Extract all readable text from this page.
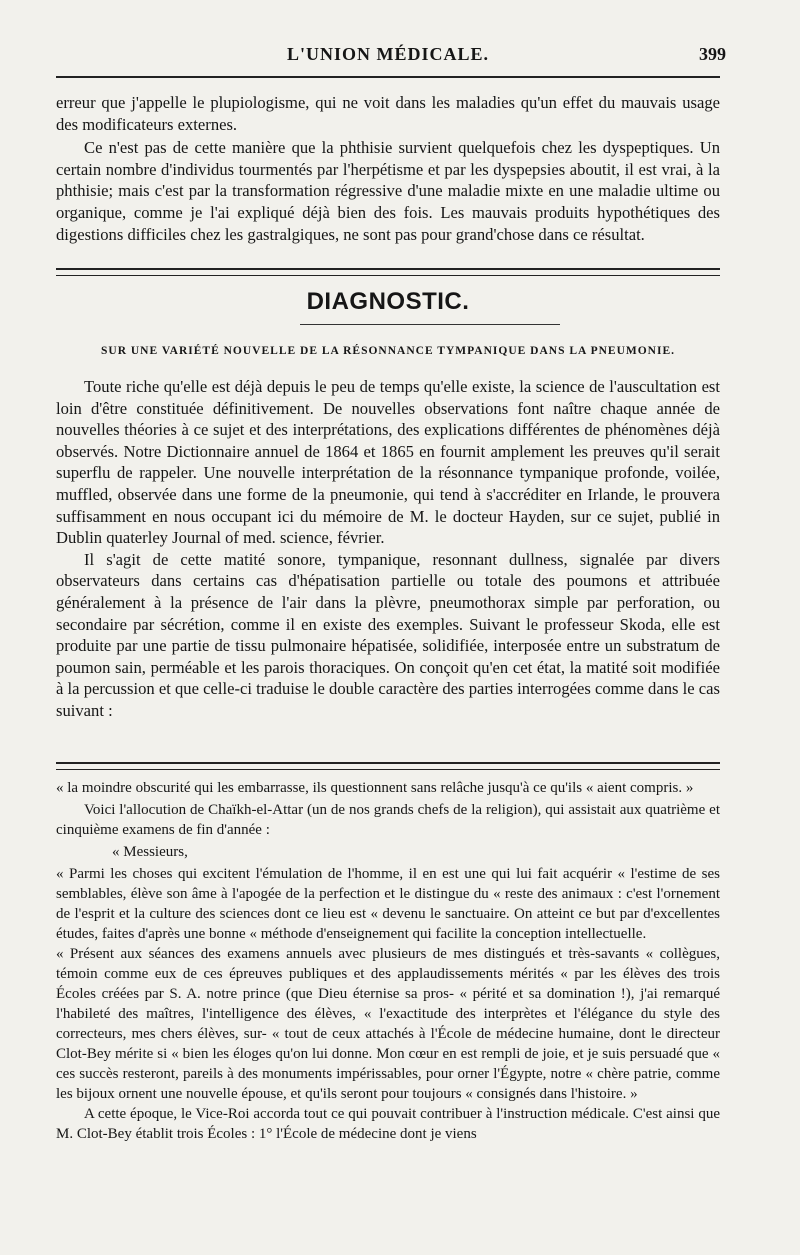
L'UNION MÉDICALE.	399

erreur que j'appelle le plupiologisme, qui ne voit dans les maladies qu'un effet du mauvais usage des modificateurs externes.

Ce n'est pas de cette manière que la phthisie survient quelquefois chez les dyspeptiques. Un certain nombre d'individus tourmentés par l'herpétisme et par les dyspepsies aboutit, il est vrai, à la phthisie; mais c'est par la transformation régressive d'une maladie mixte en une maladie ultime ou organique, comme je l'ai expliqué déjà bien des fois. Les mauvais produits hypothétiques des digestions difficiles chez les gastralgiques, ne sont pas pour grand'chose dans ce résultat.

DIAGNOSTIC.
SUR UNE VARIÉTÉ NOUVELLE DE LA RÉSONNANCE TYMPANIQUE DANS LA PNEUMONIE.

Toute riche qu'elle est déjà depuis le peu de temps qu'elle existe, la science de l'auscultation est loin d'être constituée définitivement. De nouvelles observations font naître chaque année de nouvelles théories à ce sujet et des interprétations, des explications différentes de phénomènes déjà observés. Notre Dictionnaire annuel de 1864 et 1865 en fournit amplement les preuves qu'il serait superflu de rappeler. Une nouvelle interprétation de la résonnance tympanique profonde, voilée, muffled, observée dans une forme de la pneumonie, qui tend à s'accréditer en Irlande, le prouvera suffisamment en nous occupant ici du mémoire de M. le docteur Hayden, sur ce sujet, publié in Dublin quaterley Journal of med. science, février.

Il s'agit de cette matité sonore, tympanique, resonnant dullness, signalée par divers observateurs dans certains cas d'hépatisation partielle ou totale des poumons et attribuée généralement à la présence de l'air dans la plèvre, pneumothorax simple par perforation, ou secondaire par sécrétion, comme il en existe des exemples. Suivant le professeur Skoda, elle est produite par une partie de tissu pulmonaire hépatisée, solidifiée, interposée entre un substratum de poumon sain, perméable et les parois thoraciques. On conçoit qu'en cet état, la matité soit modifiée à la percussion et que celle-ci traduise le double caractère des parties interrogées comme dans le cas suivant :

« la moindre obscurité qui les embarrasse, ils questionnent sans relâche jusqu'à ce qu'ils « aient compris. »

Voici l'allocution de Chaïkh-el-Attar (un de nos grands chefs de la religion), qui assistait aux quatrième et cinquième examens de fin d'année :

« Messieurs,

« Parmi les choses qui excitent l'émulation de l'homme, il en est une qui lui fait acquérir « l'estime de ses semblables, élève son âme à l'apogée de la perfection et le distingue du « reste des animaux : c'est l'ornement de l'esprit et la culture des sciences dont ce lieu est « devenu le sanctuaire. On atteint ce but par d'excellentes études, faites d'après une bonne « méthode d'enseignement qui facilite la conception intellectuelle.

« Présent aux séances des examens annuels avec plusieurs de mes distingués et très-savants « collègues, témoin comme eux de ces épreuves publiques et des applaudissements mérités « par les élèves des trois Écoles créées par S. A. notre prince (que Dieu éternise sa pros- « périté et sa domination !), j'ai remarqué l'habileté des maîtres, l'intelligence des élèves, « l'exactitude des interprètes et l'élégance du style des correcteurs, mes chers élèves, sur- « tout de ceux attachés à l'École de médecine humaine, dont le directeur Clot-Bey mérite si « bien les éloges qu'on lui donne. Mon cœur en est rempli de joie, et je suis persuadé que « ces succès resteront, pareils à des monuments impérissables, pour orner l'Égypte, notre « chère patrie, comme les bijoux ornent une nouvelle épouse, et qu'ils seront pour toujours « consignés dans l'histoire. »

A cette époque, le Vice-Roi accorda tout ce qui pouvait contribuer à l'instruction médicale. C'est ainsi que M. Clot-Bey établit trois Écoles : 1° l'École de médecine dont je viens
